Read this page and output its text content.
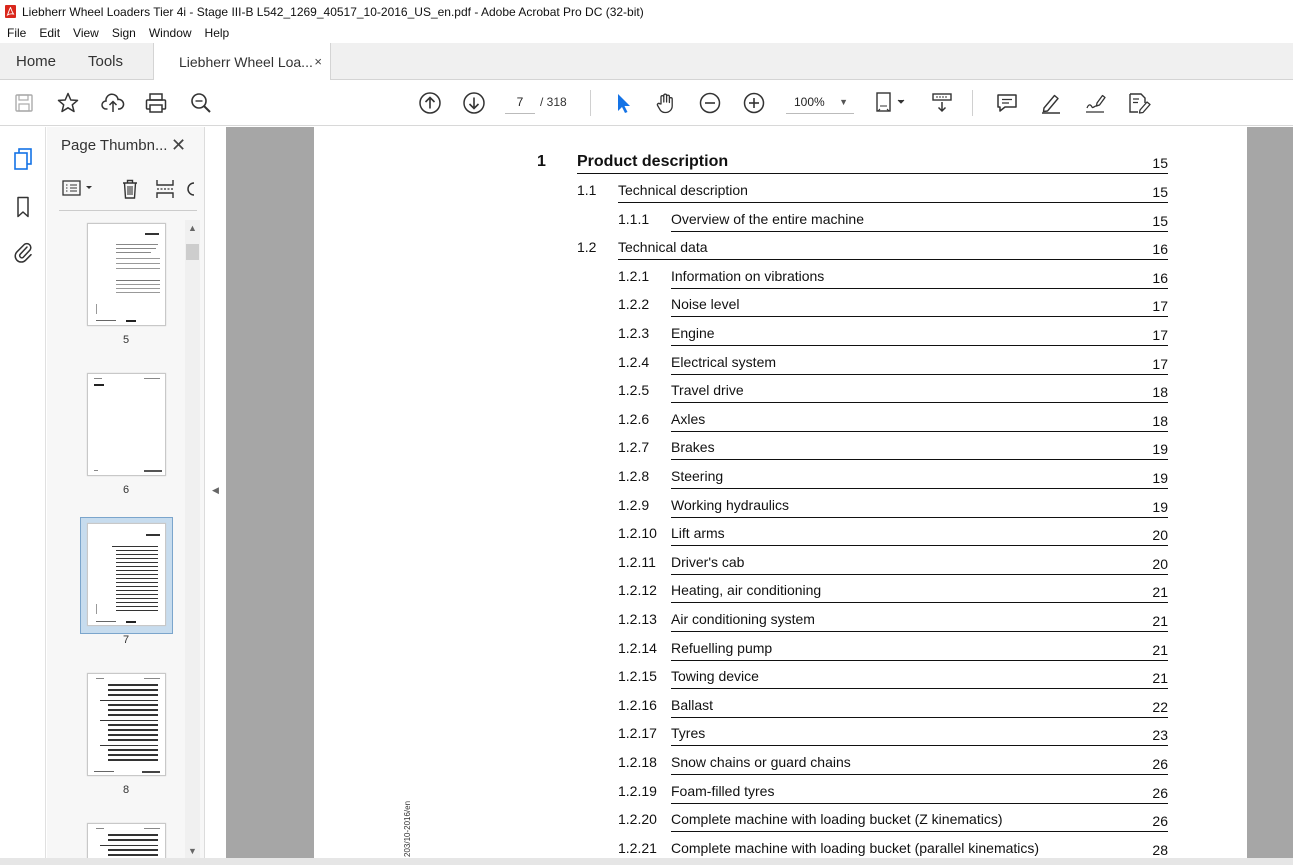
Liebherr Wheel Loaders Tier 4i - Stage III-B L542_1269_40517_10-2016_US_en.pdf - Adobe Acrobat Pro DC (32-bit)
File	Edit	View	Sign	Window	Help
Home Tools	Liebherr Wheel Loa... ×
7	/ 318	100% ▼
Page Thumbn... ✕
5
6
7
8
▲
▼
◀
1 Product description	15
1.1 Technical description	15
1.1.1 Overview of the entire machine	15
1.2 Technical data	16
1.2.1 Information on vibrations	16
1.2.2 Noise level	17
1.2.3 Engine	17
1.2.4 Electrical system	17
1.2.5 Travel drive	18
1.2.6 Axles	18
1.2.7 Brakes	19
1.2.8 Steering	19
1.2.9 Working hydraulics	19
1.2.10 Lift arms	20
1.2.11 Driver's cab	20
1.2.12 Heating, air conditioning	21
1.2.13 Air conditioning system	21
1.2.14 Refuelling pump	21
1.2.15 Towing device	21
1.2.16 Ballast	22
1.2.17 Tyres	23
1.2.18 Snow chains or guard chains	26
1.2.19 Foam-filled tyres	26
1.2.20 Complete machine with loading bucket (Z kinematics)	26
1.2.21 Complete machine with loading bucket (parallel kinematics)	28
203/10-2016/en
